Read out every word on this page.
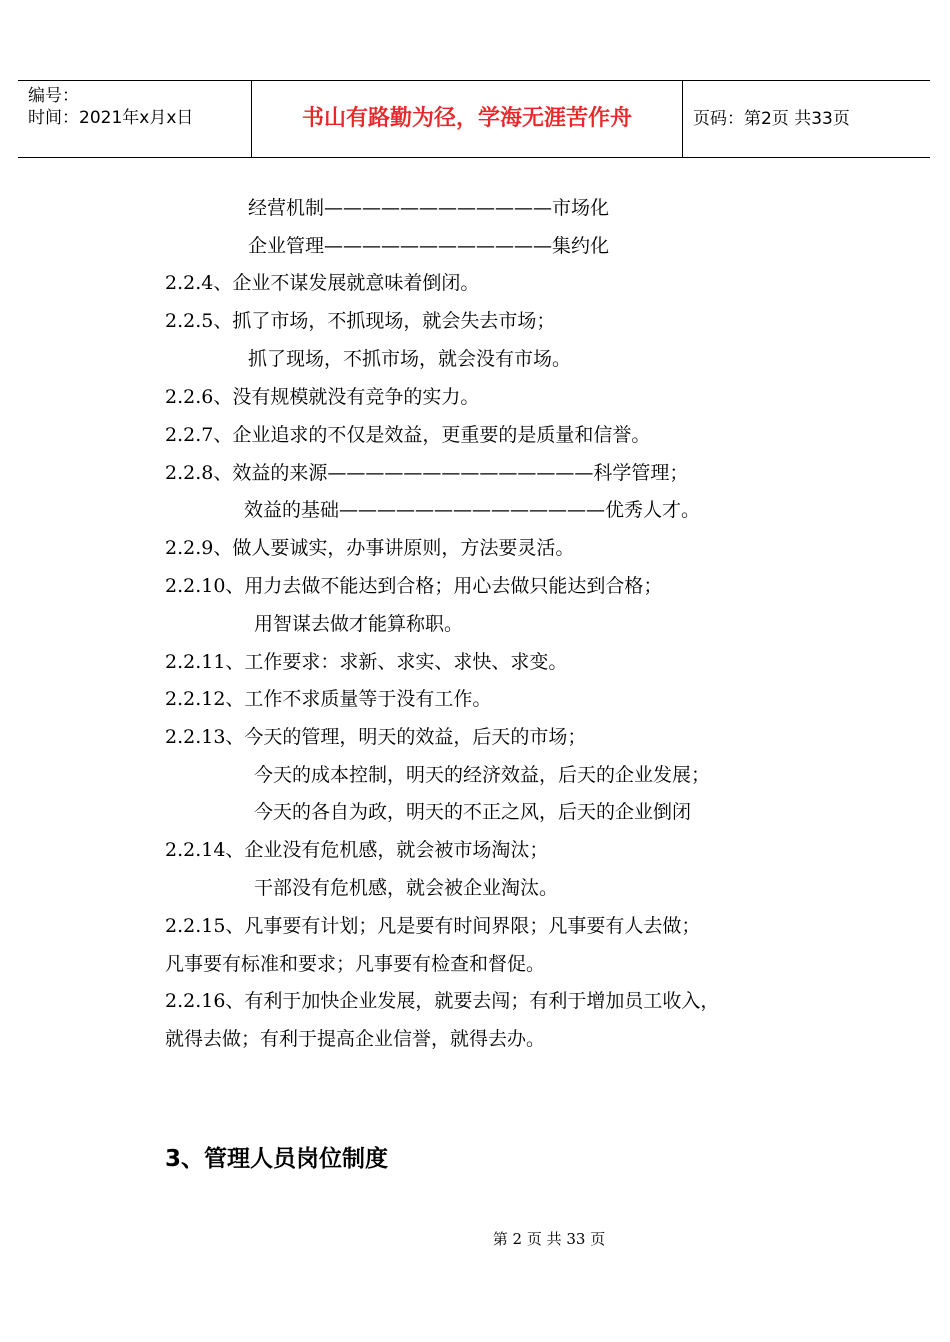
编号：
时间：2021年x月x日	书山有路勤为径，学海无涯苦作舟	页码：第2页 共33页
经营机制————————————市场化
企业管理————————————集约化
2.2.4、企业不谋发展就意味着倒闭。
2.2.5、抓了市场，不抓现场，就会失去市场；
抓了现场，不抓市场，就会没有市场。
2.2.6、没有规模就没有竞争的实力。
2.2.7、企业追求的不仅是效益，更重要的是质量和信誉。
2.2.8、效益的来源——————————————科学管理；
效益的基础——————————————优秀人才。
2.2.9、做人要诚实，办事讲原则，方法要灵活。
2.2.10、用力去做不能达到合格；用心去做只能达到合格；
用智谋去做才能算称职。
2.2.11、工作要求：求新、求实、求快、求变。
2.2.12、工作不求质量等于没有工作。
2.2.13、今天的管理，明天的效益，后天的市场；
今天的成本控制，明天的经济效益，后天的企业发展；
今天的各自为政，明天的不正之风，后天的企业倒闭
2.2.14、企业没有危机感，就会被市场淘汰；
干部没有危机感，就会被企业淘汰。
2.2.15、凡事要有计划；凡是要有时间界限；凡事要有人去做；
凡事要有标准和要求；凡事要有检查和督促。
2.2.16、有利于加快企业发展，就要去闯；有利于增加员工收入，
就得去做；有利于提高企业信誉，就得去办。
3、管理人员岗位制度
第 2 页 共 33 页
